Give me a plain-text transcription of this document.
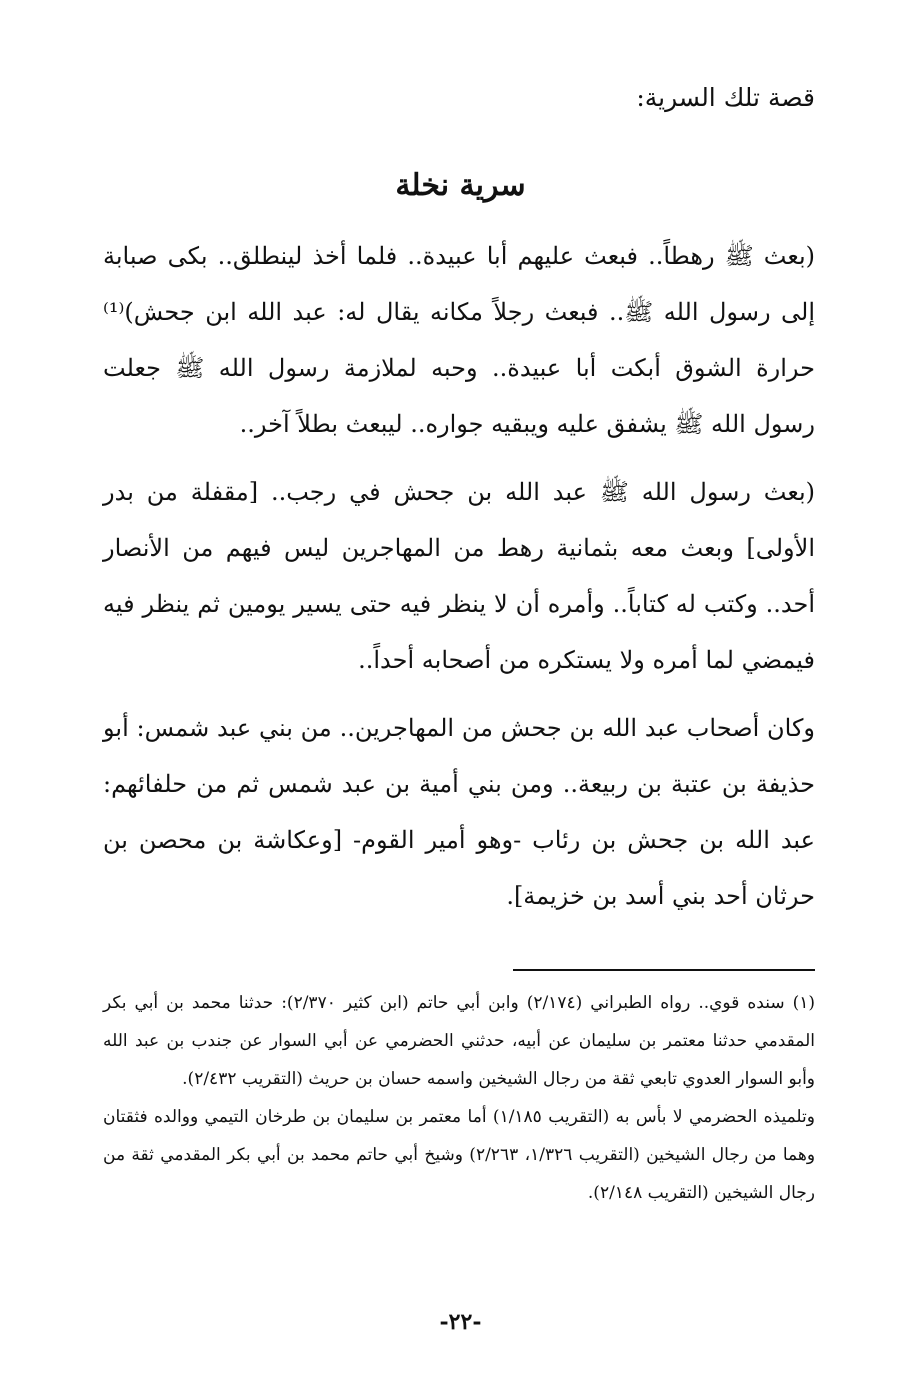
قصة تلك السرية:
سرية نخلة

(بعث ﷺ رهطاً.. فبعث عليهم أبا عبيدة.. فلما أخذ لينطلق.. بكى صبابة إلى رسول الله ﷺ.. فبعث رجلاً مكانه يقال له: عبد الله ابن جحش)⁽¹⁾ حرارة الشوق أبكت أبا عبيدة.. وحبه لملازمة رسول الله ﷺ جعلت رسول الله ﷺ يشفق عليه ويبقيه جواره.. ليبعث بطلاً آخر..

(بعث رسول الله ﷺ عبد الله بن جحش في رجب.. [مقفلة من بدر الأولى] وبعث معه بثمانية رهط من المهاجرين ليس فيهم من الأنصار أحد.. وكتب له كتاباً.. وأمره أن لا ينظر فيه حتى يسير يومين ثم ينظر فيه فيمضي لما أمره ولا يستكره من أصحابه أحداً..

وكان أصحاب عبد الله بن جحش من المهاجرين.. من بني عبد شمس: أبو حذيفة بن عتبة بن ربيعة.. ومن بني أمية بن عبد شمس ثم من حلفائهم: عبد الله بن جحش بن رئاب -وهو أمير القوم- [وعكاشة بن محصن بن حرثان أحد بني أسد بن خزيمة].

(١) سنده قوي.. رواه الطبراني (٢/١٧٤) وابن أبي حاتم (ابن كثير ٢/٣٧٠): حدثنا محمد بن أبي بكر المقدمي حدثنا معتمر بن سليمان عن أبيه، حدثني الحضرمي عن أبي السوار عن جندب بن عبد الله وأبو السوار العدوي تابعي ثقة من رجال الشيخين واسمه حسان بن حريث (التقريب ٢/٤٣٢).

وتلميذه الحضرمي لا بأس به (التقريب ١/١٨٥) أما معتمر بن سليمان بن طرخان التيمي ووالده فثقتان وهما من رجال الشيخين (التقريب ١/٣٢٦، ٢/٢٦٣) وشيخ أبي حاتم محمد بن أبي بكر المقدمي ثقة من رجال الشيخين (التقريب ٢/١٤٨).

-٢٢-
